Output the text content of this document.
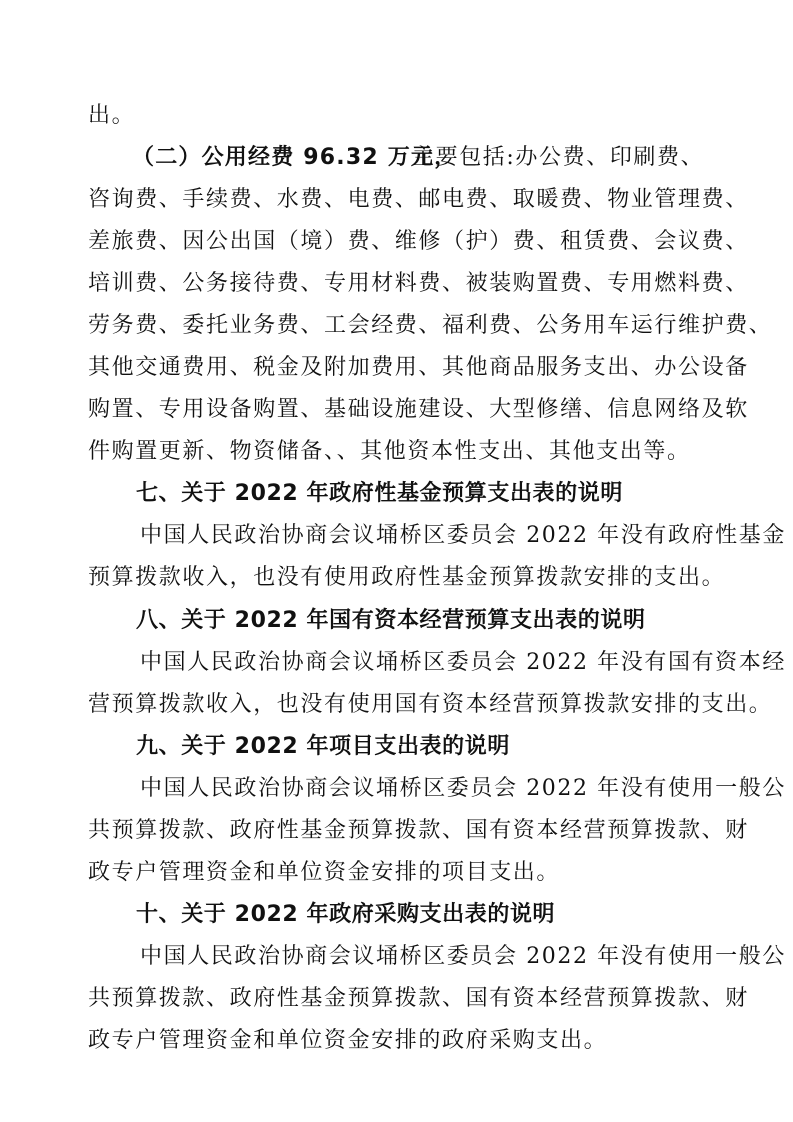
出。
（二）公用经费 96.32 万元，
主要包括:办公费、印刷费、
咨询费、手续费、水费、电费、邮电费、取暖费、物业管理费、
差旅费、因公出国（境）费、维修（护）费、租赁费、会议费、
培训费、公务接待费、专用材料费、被装购置费、专用燃料费、
劳务费、委托业务费、工会经费、福利费、公务用车运行维护费、
其他交通费用、税金及附加费用、其他商品服务支出、办公设备
购置、专用设备购置、基础设施建设、大型修缮、信息网络及软
件购置更新、物资储备、、其他资本性支出、其他支出等。
七、关于 2022 年政府性基金预算支出表的说明
中国人民政治协商会议埇桥区委员会 2022 年没有政府性基金
预算拨款收入，也没有使用政府性基金预算拨款安排的支出。
八、关于 2022 年国有资本经营预算支出表的说明
中国人民政治协商会议埇桥区委员会 2022 年没有国有资本经
营预算拨款收入，也没有使用国有资本经营预算拨款安排的支出。
九、关于 2022 年项目支出表的说明
中国人民政治协商会议埇桥区委员会 2022 年没有使用一般公
共预算拨款、政府性基金预算拨款、国有资本经营预算拨款、财
政专户管理资金和单位资金安排的项目支出。
十、关于 2022 年政府采购支出表的说明
中国人民政治协商会议埇桥区委员会 2022 年没有使用一般公
共预算拨款、政府性基金预算拨款、国有资本经营预算拨款、财
政专户管理资金和单位资金安排的政府采购支出。
